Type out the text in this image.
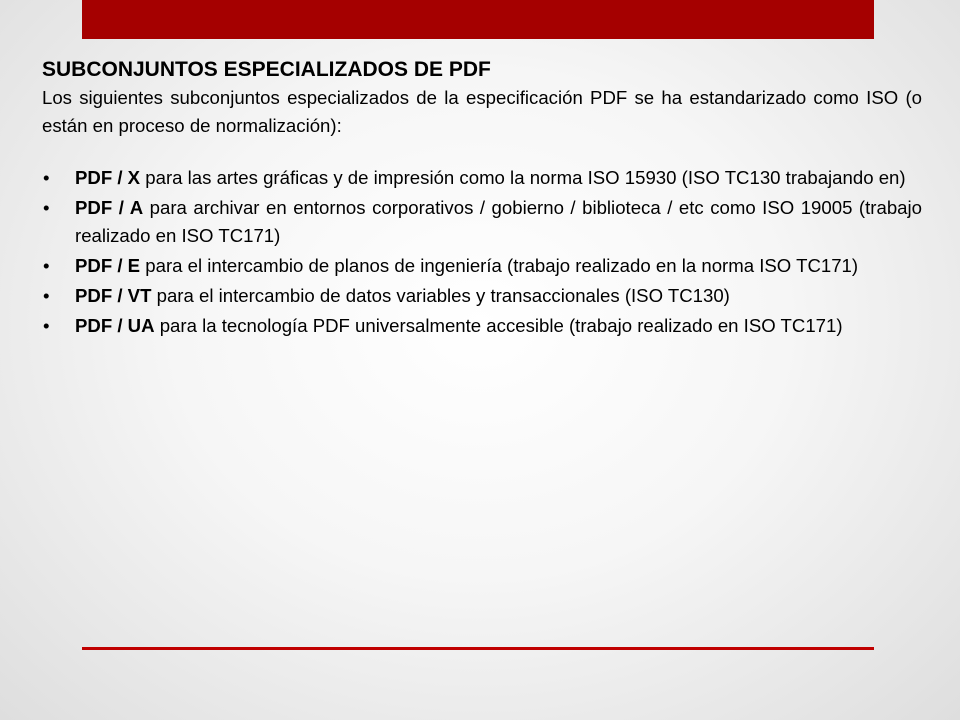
SUBCONJUNTOS ESPECIALIZADOS DE PDF

Los siguientes subconjuntos especializados de la especificación PDF se ha estandarizado como ISO (o están en proceso de normalización):

• PDF / X para las artes gráficas y de impresión como la norma ISO 15930 (ISO TC130 trabajando en)
• PDF / A para archivar en entornos corporativos / gobierno / biblioteca / etc como ISO 19005 (trabajo realizado en ISO TC171)
• PDF / E para el intercambio de planos de ingeniería (trabajo realizado en la norma ISO TC171)
• PDF / VT para el intercambio de datos variables y transaccionales (ISO TC130)
• PDF / UA para la tecnología PDF universalmente accesible (trabajo realizado en ISO TC171)
